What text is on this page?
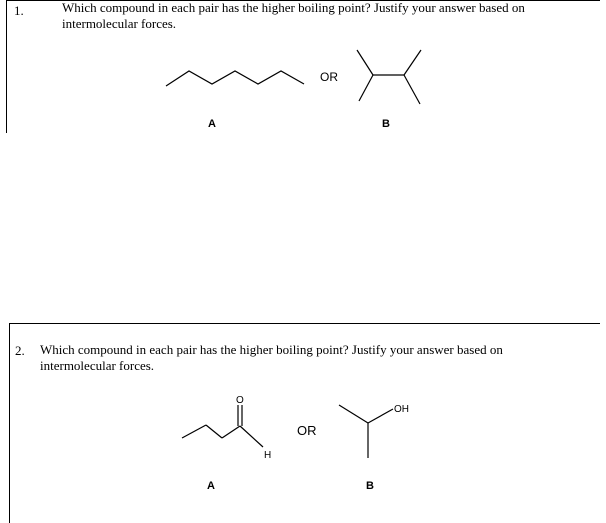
1.	Which compound in each pair has the higher boiling point? Justify your answer based on intermolecular forces.
OR
A	B
2. Which compound in each pair has the higher boiling point? Justify your answer based on intermolecular forces.
O
H
OR
OH
A	B
